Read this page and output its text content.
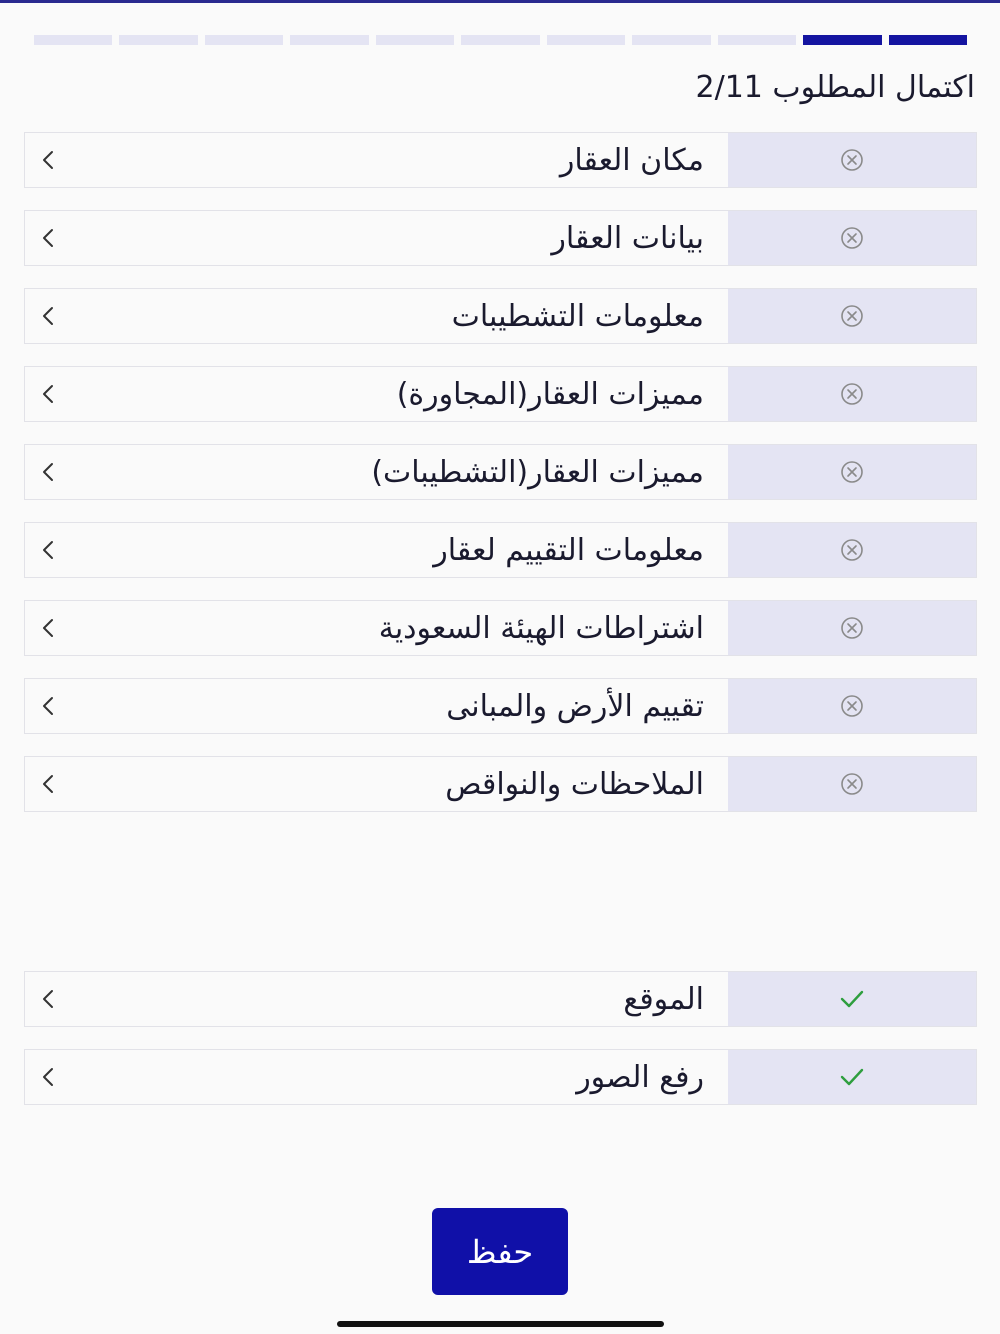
اكتمال المطلوب 2/11
مكان العقار
بيانات العقار
معلومات التشطيبات
مميزات العقار(المجاورة)
مميزات العقار(التشطيبات)
معلومات التقييم لعقار
اشتراطات الهيئة السعودية
تقييم الأرض والمبانى
الملاحظات والنواقص
الموقع
رفع الصور
حفظ
